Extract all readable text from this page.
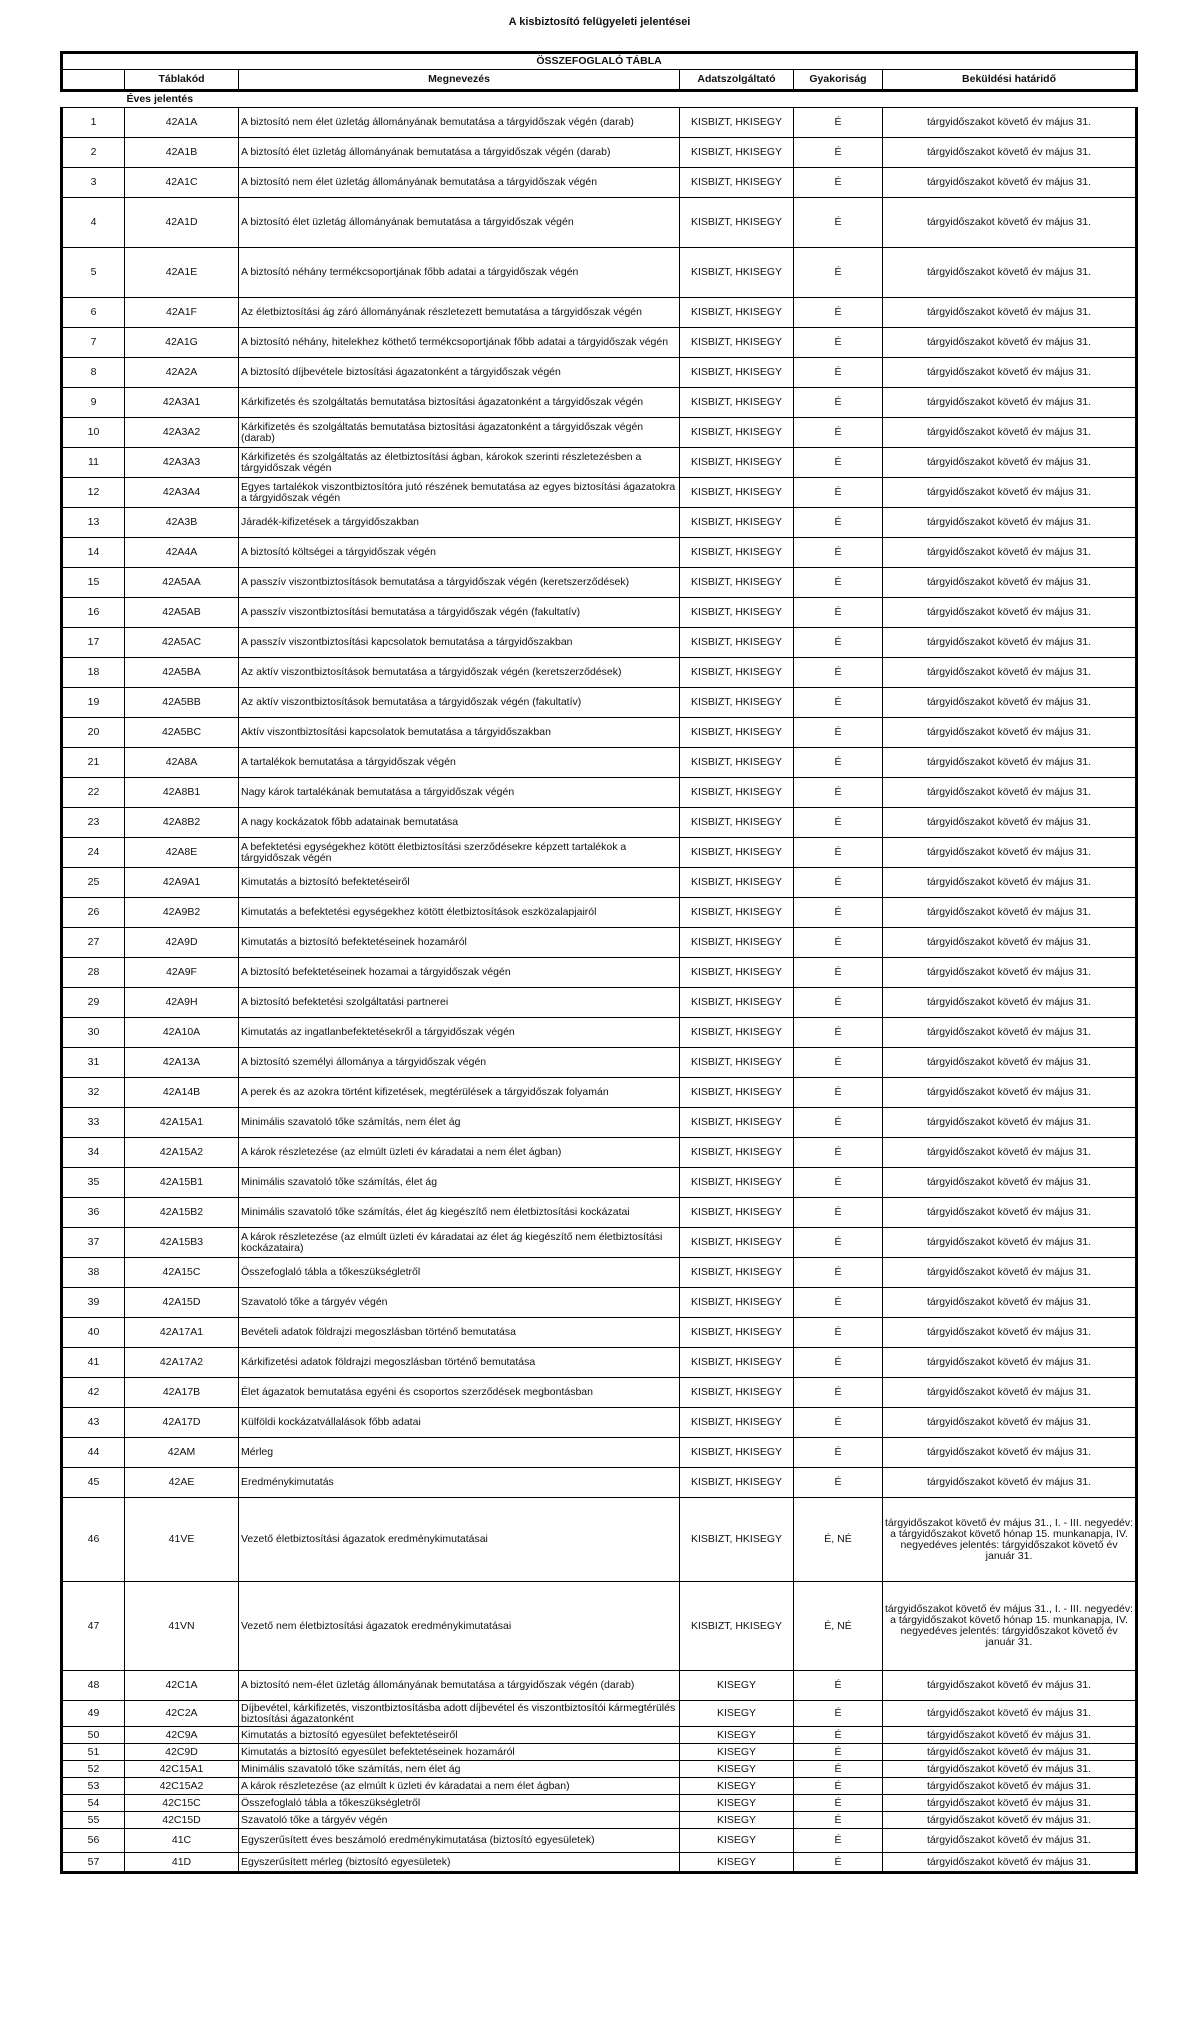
A kisbiztosító felügyeleti jelentései
ÖSSZEFOGLALÓ TÁBLA					
	Táblakód	Megnevezés	Adatszolgáltató	Gyakoriság	Beküldési határidő
	Éves jelentés				
1	42A1A	A biztosító nem élet üzletág állományának bemutatása a tárgyidőszak végén (darab)	KISBIZT, HKISEGY	É	tárgyidőszakot követő év május 31.
2	42A1B	A biztosító élet üzletág állományának bemutatása a tárgyidőszak végén (darab)	KISBIZT, HKISEGY	É	tárgyidőszakot követő év május 31.
3	42A1C	A biztosító nem élet üzletág állományának bemutatása a tárgyidőszak végén	KISBIZT, HKISEGY	É	tárgyidőszakot követő év május 31.
4	42A1D	A biztosító élet üzletág állományának bemutatása a tárgyidőszak végén	KISBIZT, HKISEGY	É	tárgyidőszakot követő év május 31.
5	42A1E	A biztosító néhány termékcsoportjának főbb adatai a tárgyidőszak végén	KISBIZT, HKISEGY	É	tárgyidőszakot követő év május 31.
6	42A1F	Az életbiztosítási ág záró állományának részletezett bemutatása a tárgyidőszak végén	KISBIZT, HKISEGY	É	tárgyidőszakot követő év május 31.
7	42A1G	A biztosító néhány, hitelekhez köthető termékcsoportjának főbb adatai a tárgyidőszak végén	KISBIZT, HKISEGY	É	tárgyidőszakot követő év május 31.
8	42A2A	A biztosító díjbevétele biztosítási ágazatonként a tárgyidőszak végén	KISBIZT, HKISEGY	É	tárgyidőszakot követő év május 31.
9	42A3A1	Kárkifizetés és szolgáltatás bemutatása biztosítási ágazatonként a tárgyidőszak végén	KISBIZT, HKISEGY	É	tárgyidőszakot követő év május 31.
10	42A3A2	Kárkifizetés és szolgáltatás bemutatása biztosítási ágazatonként a tárgyidőszak végén (darab)	KISBIZT, HKISEGY	É	tárgyidőszakot követő év május 31.
11	42A3A3	Kárkifizetés és szolgáltatás az életbiztosítási ágban, károkok szerinti részletezésben a tárgyidőszak végén	KISBIZT, HKISEGY	É	tárgyidőszakot követő év május 31.
12	42A3A4	Egyes tartalékok viszontbiztosítóra jutó részének bemutatása az egyes biztosítási ágazatokra a tárgyidőszak végén	KISBIZT, HKISEGY	É	tárgyidőszakot követő év május 31.
13	42A3B	Járadék-kifizetések a tárgyidőszakban	KISBIZT, HKISEGY	É	tárgyidőszakot követő év május 31.
14	42A4A	A biztosító költségei a tárgyidőszak végén	KISBIZT, HKISEGY	É	tárgyidőszakot követő év május 31.
15	42A5AA	A passzív viszontbiztosítások bemutatása a tárgyidőszak végén (keretszerződések)	KISBIZT, HKISEGY	É	tárgyidőszakot követő év május 31.
16	42A5AB	A passzív viszontbiztosítási bemutatása a tárgyidőszak végén (fakultatív)	KISBIZT, HKISEGY	É	tárgyidőszakot követő év május 31.
17	42A5AC	A passzív viszontbiztosítási kapcsolatok bemutatása a tárgyidőszakban	KISBIZT, HKISEGY	É	tárgyidőszakot követő év május 31.
18	42A5BA	Az aktív viszontbiztosítások bemutatása a tárgyidőszak végén (keretszerződések)	KISBIZT, HKISEGY	É	tárgyidőszakot követő év május 31.
19	42A5BB	Az aktív viszontbiztosítások bemutatása a tárgyidőszak végén (fakultatív)	KISBIZT, HKISEGY	É	tárgyidőszakot követő év május 31.
20	42A5BC	Aktív viszontbiztosítási kapcsolatok bemutatása a tárgyidőszakban	KISBIZT, HKISEGY	É	tárgyidőszakot követő év május 31.
21	42A8A	A tartalékok bemutatása a tárgyidőszak végén	KISBIZT, HKISEGY	É	tárgyidőszakot követő év május 31.
22	42A8B1	Nagy károk tartalékának bemutatása a tárgyidőszak végén	KISBIZT, HKISEGY	É	tárgyidőszakot követő év május 31.
23	42A8B2	A nagy kockázatok főbb adatainak bemutatása	KISBIZT, HKISEGY	É	tárgyidőszakot követő év május 31.
24	42A8E	A befektetési egységekhez kötött életbiztosítási szerződésekre képzett tartalékok a tárgyidőszak végén	KISBIZT, HKISEGY	É	tárgyidőszakot követő év május 31.
25	42A9A1	Kimutatás a biztosító befektetéseiről	KISBIZT, HKISEGY	É	tárgyidőszakot követő év május 31.
26	42A9B2	Kimutatás a befektetési egységekhez kötött életbiztosítások eszközalapjairól	KISBIZT, HKISEGY	É	tárgyidőszakot követő év május 31.
27	42A9D	Kimutatás a biztosító befektetéseinek hozamáról	KISBIZT, HKISEGY	É	tárgyidőszakot követő év május 31.
28	42A9F	A biztosító befektetéseinek hozamai a tárgyidőszak végén	KISBIZT, HKISEGY	É	tárgyidőszakot követő év május 31.
29	42A9H	A biztosító befektetési szolgáltatási partnerei	KISBIZT, HKISEGY	É	tárgyidőszakot követő év május 31.
30	42A10A	Kimutatás az ingatlanbefektetésekről a tárgyidőszak végén	KISBIZT, HKISEGY	É	tárgyidőszakot követő év május 31.
31	42A13A	A biztosító személyi állománya a tárgyidőszak végén	KISBIZT, HKISEGY	É	tárgyidőszakot követő év május 31.
32	42A14B	A perek és az azokra történt kifizetések, megtérülések a tárgyidőszak folyamán	KISBIZT, HKISEGY	É	tárgyidőszakot követő év május 31.
33	42A15A1	Minimális szavatoló tőke számítás, nem élet ág	KISBIZT, HKISEGY	É	tárgyidőszakot követő év május 31.
34	42A15A2	A károk részletezése (az elmúlt üzleti év káradatai a nem élet ágban)	KISBIZT, HKISEGY	É	tárgyidőszakot követő év május 31.
35	42A15B1	Minimális szavatoló tőke számítás, élet ág	KISBIZT, HKISEGY	É	tárgyidőszakot követő év május 31.
36	42A15B2	Minimális szavatoló tőke számítás, élet ág kiegészítő nem életbiztosítási kockázatai	KISBIZT, HKISEGY	É	tárgyidőszakot követő év május 31.
37	42A15B3	A károk részletezése (az elmúlt üzleti év káradatai az élet ág kiegészítő nem életbiztosítási kockázataira)	KISBIZT, HKISEGY	É	tárgyidőszakot követő év május 31.
38	42A15C	Összefoglaló tábla a tőkeszükségletről	KISBIZT, HKISEGY	É	tárgyidőszakot követő év május 31.
39	42A15D	Szavatoló tőke a tárgyév végén	KISBIZT, HKISEGY	É	tárgyidőszakot követő év május 31.
40	42A17A1	Bevételi adatok földrajzi megoszlásban történő bemutatása	KISBIZT, HKISEGY	É	tárgyidőszakot követő év május 31.
41	42A17A2	Kárkifizetési adatok földrajzi megoszlásban történő bemutatása	KISBIZT, HKISEGY	É	tárgyidőszakot követő év május 31.
42	42A17B	Élet ágazatok bemutatása egyéni és csoportos szerződések megbontásban	KISBIZT, HKISEGY	É	tárgyidőszakot követő év május 31.
43	42A17D	Külföldi kockázatvállalások főbb adatai	KISBIZT, HKISEGY	É	tárgyidőszakot követő év május 31.
44	42AM	Mérleg	KISBIZT, HKISEGY	É	tárgyidőszakot követő év május 31.
45	42AE	Eredménykimutatás	KISBIZT, HKISEGY	É	tárgyidőszakot követő év május 31.
46	41VE	Vezető életbiztosítási ágazatok eredménykimutatásai	KISBIZT, HKISEGY	É, NÉ	tárgyidőszakot követő év május 31., I. - III. negyedév: a tárgyidőszakot követő hónap 15. munkanapja, IV. negyedéves jelentés: tárgyidőszakot követő év január 31.
47	41VN	Vezető nem életbiztosítási ágazatok eredménykimutatásai	KISBIZT, HKISEGY	É, NÉ	tárgyidőszakot követő év május 31., I. - III. negyedév: a tárgyidőszakot követő hónap 15. munkanapja, IV. negyedéves jelentés: tárgyidőszakot követő év január 31.
48	42C1A	A biztosító nem-élet üzletág állományának bemutatása a tárgyidőszak végén (darab)	KISEGY	É	tárgyidőszakot követő év május 31.
49	42C2A	Díjbevétel, kárkifizetés, viszontbiztosításba adott díjbevétel és viszontbiztosítói kármegtérülés biztosítási ágazatonként	KISEGY	É	tárgyidőszakot követő év május 31.
50	42C9A	Kimutatás a biztosító egyesület befektetéseiről	KISEGY	É	tárgyidőszakot követő év május 31.
51	42C9D	Kimutatás a biztosító egyesület befektetéseinek hozamáról	KISEGY	É	tárgyidőszakot követő év május 31.
52	42C15A1	Minimális szavatoló tőke számítás, nem élet ág	KISEGY	É	tárgyidőszakot követő év május 31.
53	42C15A2	A károk részletezése (az elmúlt k üzleti év káradatai a nem élet ágban)	KISEGY	É	tárgyidőszakot követő év május 31.
54	42C15C	Összefoglaló tábla a tőkeszükségletről	KISEGY	É	tárgyidőszakot követő év május 31.
55	42C15D	Szavatoló tőke a tárgyév végén	KISEGY	É	tárgyidőszakot követő év május 31.
56	41C	Egyszerűsített éves beszámoló eredménykimutatása (biztosító egyesületek)	KISEGY	É	tárgyidőszakot követő év május 31.
57	41D	Egyszerűsített mérleg (biztosító egyesületek)	KISEGY	É	tárgyidőszakot követő év május 31.
